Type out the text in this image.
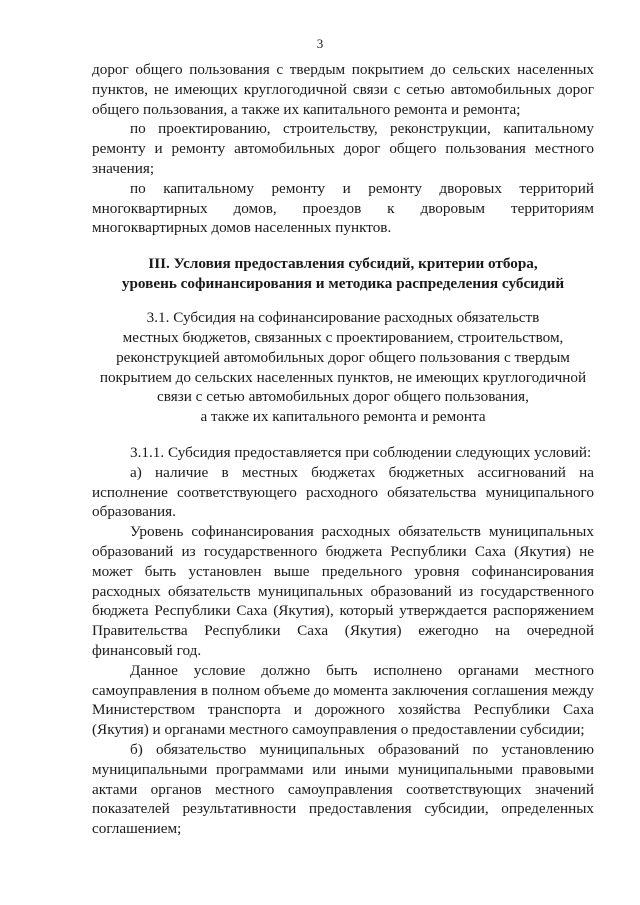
3

дорог общего пользования с твердым покрытием до сельских населенных пунктов, не имеющих круглогодичной связи с сетью автомобильных дорог общего пользования, а также их капитального ремонта и ремонта;

по проектированию, строительству, реконструкции, капитальному ремонту и ремонту автомобильных дорог общего пользования местного значения;

по капитальному ремонту и ремонту дворовых территорий многоквартирных домов, проездов к дворовым территориям многоквартирных домов населенных пунктов.

III. Условия предоставления субсидий, критерии отбора,
уровень софинансирования и методика распределения субсидий
3.1. Субсидия на софинансирование расходных обязательств
местных бюджетов, связанных с проектированием, строительством,
реконструкцией автомобильных дорог общего пользования с твердым
покрытием до сельских населенных пунктов, не имеющих круглогодичной
связи с сетью автомобильных дорог общего пользования,
а также их капитального ремонта и ремонта

3.1.1. Субсидия предоставляется при соблюдении следующих условий:

а) наличие в местных бюджетах бюджетных ассигнований на исполнение соответствующего расходного обязательства муниципального образования.

Уровень софинансирования расходных обязательств муниципальных образований из государственного бюджета Республики Саха (Якутия) не может быть установлен выше предельного уровня софинансирования расходных обязательств муниципальных образований из государственного бюджета Республики Саха (Якутия), который утверждается распоряжением Правительства Республики Саха (Якутия) ежегодно на очередной финансовый год.

Данное условие должно быть исполнено органами местного самоуправления в полном объеме до момента заключения соглашения между Министерством транспорта и дорожного хозяйства Республики Саха (Якутия) и органами местного самоуправления о предоставлении субсидии;

б) обязательство муниципальных образований по установлению муниципальными программами или иными муниципальными правовыми актами органов местного самоуправления соответствующих значений показателей результативности предоставления субсидии, определенных соглашением;
